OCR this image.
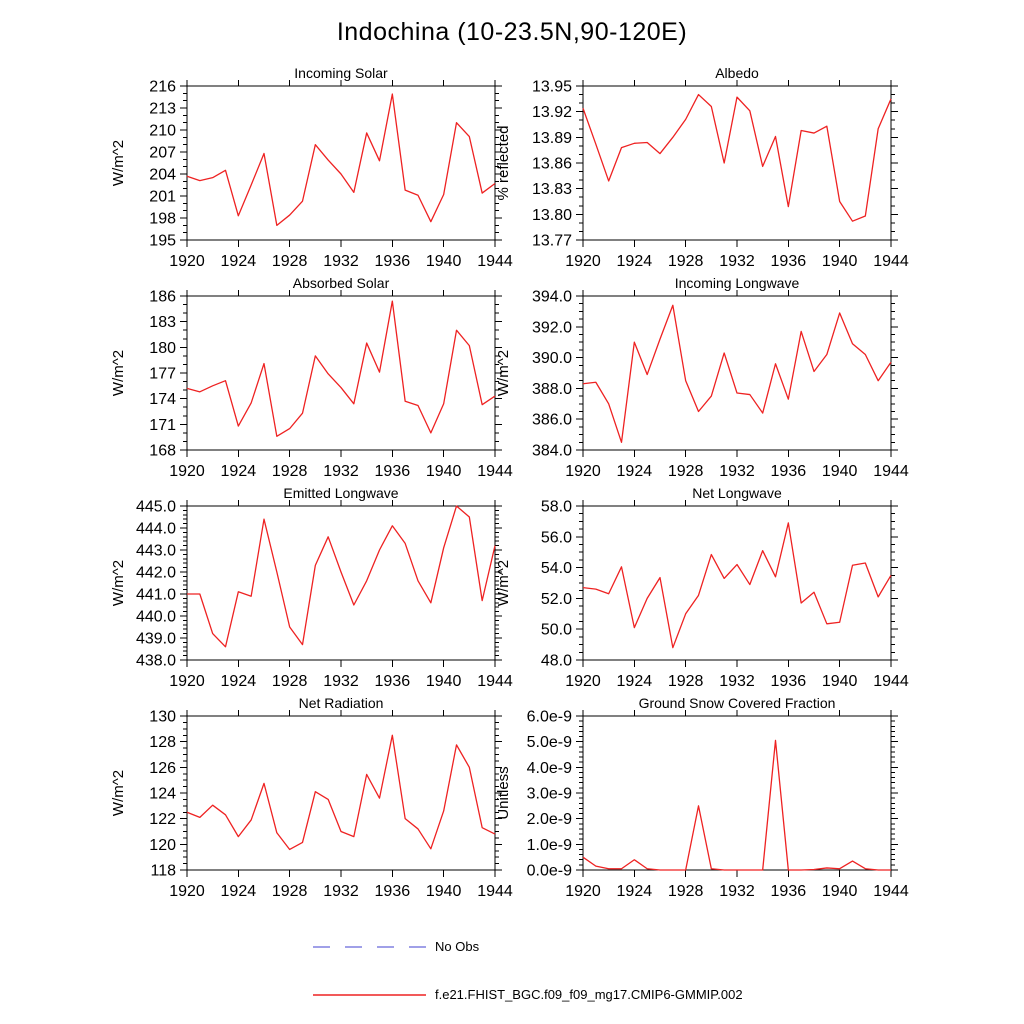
Indochina (10-23.5N,90-120E)
Incoming Solar
W/m^2
195
198
201
204
207
210
213
216
1920 1924 1928 1932 1936 1940 1944
Albedo
% reflected
13.77
13.80
13.83
13.86
13.89
13.92
13.95
1920 1924 1928 1932 1936 1940 1944
Absorbed Solar
W/m^2
168
171
174
177
180
183
186
1920 1924 1928 1932 1936 1940 1944
Incoming Longwave
W/m^2
384.0
386.0
388.0
390.0
392.0
394.0
1920 1924 1928 1932 1936 1940 1944
Emitted Longwave
W/m^2
438.0
439.0
440.0
441.0
442.0
443.0
444.0
445.0
1920 1924 1928 1932 1936 1940 1944
Net Longwave
W/m^2
48.0
50.0
52.0
54.0
56.0
58.0
1920 1924 1928 1932 1936 1940 1944
Net Radiation
W/m^2
118
120
122
124
126
128
130
1920 1924 1928 1932 1936 1940 1944
Ground Snow Covered Fraction
Unitless
0.0e-9
1.0e-9
2.0e-9
3.0e-9
4.0e-9
5.0e-9
6.0e-9
1920 1924 1928 1932 1936 1940 1944
No Obs
f.e21.FHIST_BGC.f09_f09_mg17.CMIP6-GMMIP.002
